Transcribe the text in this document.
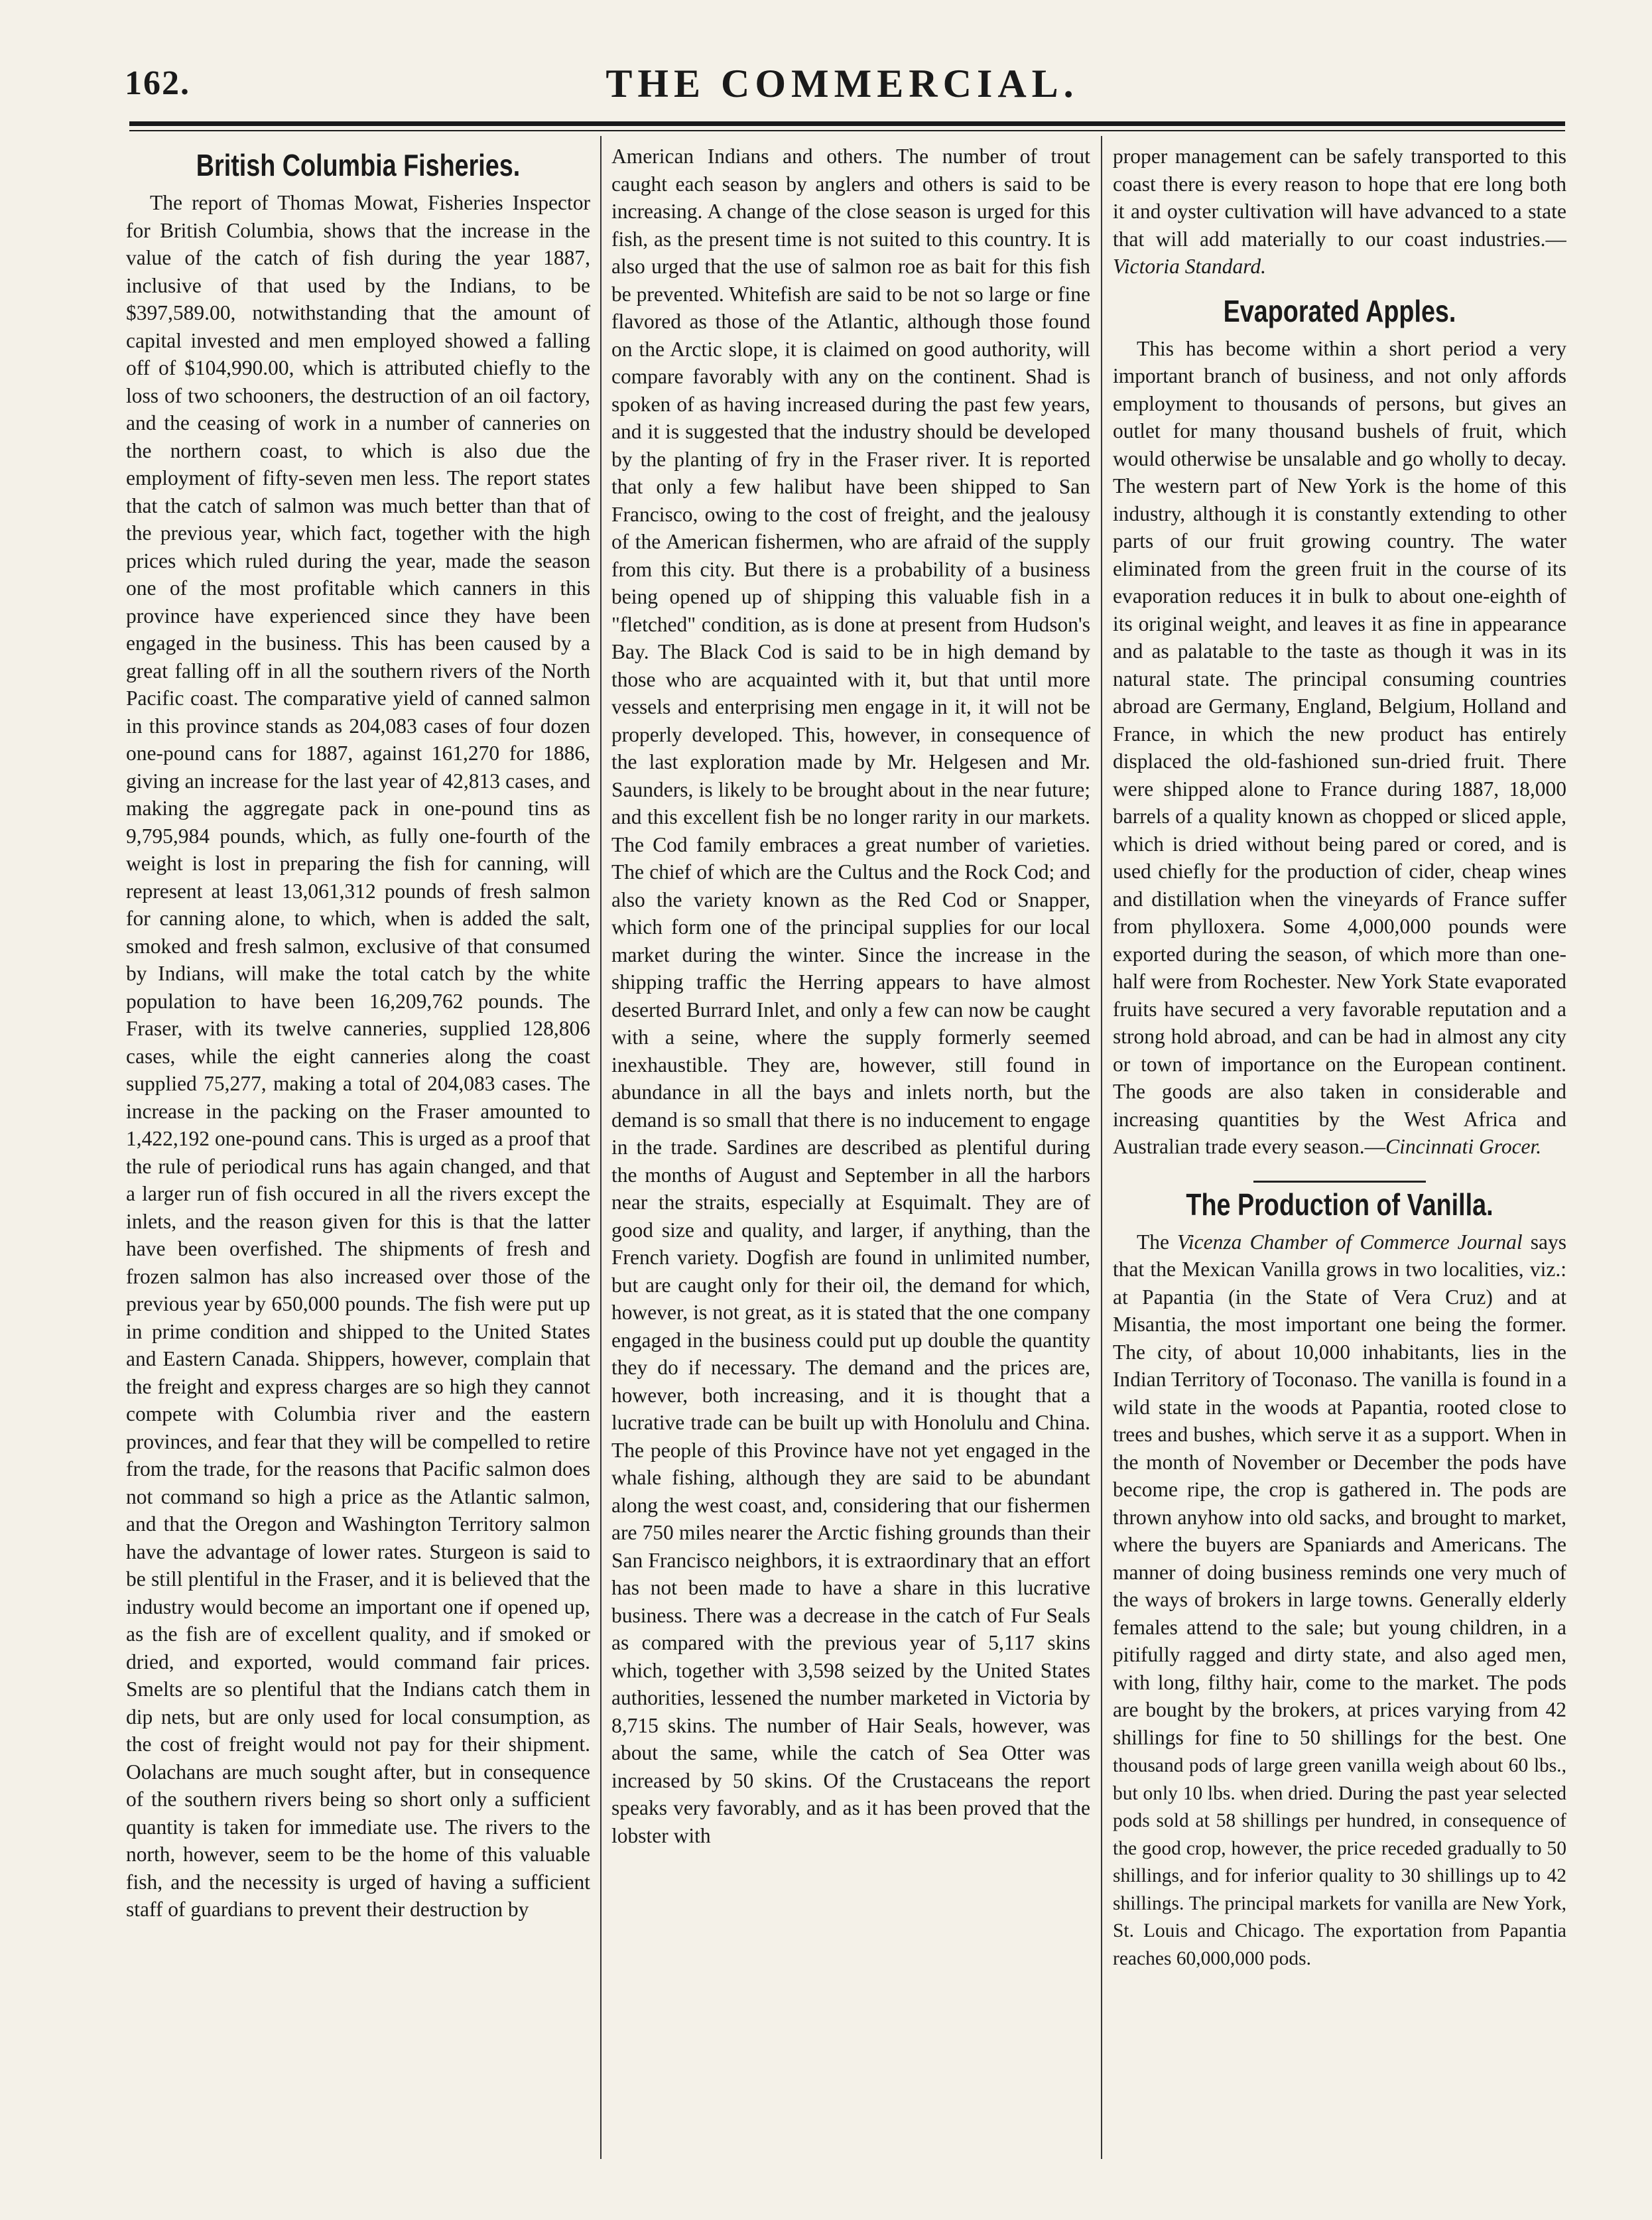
162.	THE COMMERCIAL.
British Columbia Fisheries.

The report of Thomas Mowat, Fisheries Inspector for British Columbia, shows that the increase in the value of the catch of fish during the year 1887, inclusive of that used by the Indians, to be $397,589.00, notwithstanding that the amount of capital invested and men employed showed a falling off of $104,990.00, which is attributed chiefly to the loss of two schooners, the destruction of an oil factory, and the ceasing of work in a number of canneries on the northern coast, to which is also due the employment of fifty-seven men less. The report states that the catch of salmon was much better than that of the previous year, which fact, together with the high prices which ruled during the year, made the season one of the most profitable which canners in this province have experienced since they have been engaged in the business. This has been caused by a great falling off in all the southern rivers of the North Pacific coast. The comparative yield of canned salmon in this province stands as 204,083 cases of four dozen one-pound cans for 1887, against 161,270 for 1886, giving an increase for the last year of 42,813 cases, and making the aggregate pack in one-pound tins as 9,795,984 pounds, which, as fully one-fourth of the weight is lost in preparing the fish for canning, will represent at least 13,061,312 pounds of fresh salmon for canning alone, to which, when is added the salt, smoked and fresh salmon, exclusive of that consumed by Indians, will make the total catch by the white population to have been 16,209,762 pounds. The Fraser, with its twelve canneries, supplied 128,806 cases, while the eight canneries along the coast supplied 75,277, making a total of 204,083 cases. The increase in the packing on the Fraser amounted to 1,422,192 one-pound cans. This is urged as a proof that the rule of periodical runs has again changed, and that a larger run of fish occured in all the rivers except the inlets, and the reason given for this is that the latter have been overfished. The shipments of fresh and frozen salmon has also increased over those of the previous year by 650,000 pounds. The fish were put up in prime condition and shipped to the United States and Eastern Canada. Shippers, however, complain that the freight and express charges are so high they cannot compete with Columbia river and the eastern provinces, and fear that they will be compelled to retire from the trade, for the reasons that Pacific salmon does not command so high a price as the Atlantic salmon, and that the Oregon and Washington Territory salmon have the advantage of lower rates. Sturgeon is said to be still plentiful in the Fraser, and it is believed that the industry would become an important one if opened up, as the fish are of excellent quality, and if smoked or dried, and exported, would command fair prices. Smelts are so plentiful that the Indians catch them in dip nets, but are only used for local consumption, as the cost of freight would not pay for their shipment. Oolachans are much sought after, but in consequence of the southern rivers being so short only a sufficient quantity is taken for immediate use. The rivers to the north, however, seem to be the home of this valuable fish, and the necessity is urged of having a sufficient staff of guardians to prevent their destruction by

American Indians and others. The number of trout caught each season by anglers and others is said to be increasing. A change of the close season is urged for this fish, as the present time is not suited to this country. It is also urged that the use of salmon roe as bait for this fish be prevented. Whitefish are said to be not so large or fine flavored as those of the Atlantic, although those found on the Arctic slope, it is claimed on good authority, will compare favorably with any on the continent. Shad is spoken of as having increased during the past few years, and it is suggested that the industry should be developed by the planting of fry in the Fraser river. It is reported that only a few halibut have been shipped to San Francisco, owing to the cost of freight, and the jealousy of the American fishermen, who are afraid of the supply from this city. But there is a probability of a business being opened up of shipping this valuable fish in a "fletched" condition, as is done at present from Hudson's Bay. The Black Cod is said to be in high demand by those who are acquainted with it, but that until more vessels and enterprising men engage in it, it will not be properly developed. This, however, in consequence of the last exploration made by Mr. Helgesen and Mr. Saunders, is likely to be brought about in the near future; and this excellent fish be no longer rarity in our markets. The Cod family embraces a great number of varieties. The chief of which are the Cultus and the Rock Cod; and also the variety known as the Red Cod or Snapper, which form one of the principal supplies for our local market during the winter. Since the increase in the shipping traffic the Herring appears to have almost deserted Burrard Inlet, and only a few can now be caught with a seine, where the supply formerly seemed inexhaustible. They are, however, still found in abundance in all the bays and inlets north, but the demand is so small that there is no inducement to engage in the trade. Sardines are described as plentiful during the months of August and September in all the harbors near the straits, especially at Esquimalt. They are of good size and quality, and larger, if anything, than the French variety. Dogfish are found in unlimited number, but are caught only for their oil, the demand for which, however, is not great, as it is stated that the one company engaged in the business could put up double the quantity they do if necessary. The demand and the prices are, however, both increasing, and it is thought that a lucrative trade can be built up with Honolulu and China. The people of this Province have not yet engaged in the whale fishing, although they are said to be abundant along the west coast, and, considering that our fishermen are 750 miles nearer the Arctic fishing grounds than their San Francisco neighbors, it is extraordinary that an effort has not been made to have a share in this lucrative business. There was a decrease in the catch of Fur Seals as compared with the previous year of 5,117 skins which, together with 3,598 seized by the United States authorities, lessened the number marketed in Victoria by 8,715 skins. The number of Hair Seals, however, was about the same, while the catch of Sea Otter was increased by 50 skins. Of the Crustaceans the report speaks very favorably, and as it has been proved that the lobster with

proper management can be safely transported to this coast there is every reason to hope that ere long both it and oyster cultivation will have advanced to a state that will add materially to our coast industries.—Victoria Standard.

Evaporated Apples.

This has become within a short period a very important branch of business, and not only affords employment to thousands of persons, but gives an outlet for many thousand bushels of fruit, which would otherwise be unsalable and go wholly to decay. The western part of New York is the home of this industry, although it is constantly extending to other parts of our fruit growing country. The water eliminated from the green fruit in the course of its evaporation reduces it in bulk to about one-eighth of its original weight, and leaves it as fine in appearance and as palatable to the taste as though it was in its natural state. The principal consuming countries abroad are Germany, England, Belgium, Holland and France, in which the new product has entirely displaced the old-fashioned sun-dried fruit. There were shipped alone to France during 1887, 18,000 barrels of a quality known as chopped or sliced apple, which is dried without being pared or cored, and is used chiefly for the production of cider, cheap wines and distillation when the vineyards of France suffer from phylloxera. Some 4,000,000 pounds were exported during the season, of which more than one-half were from Rochester. New York State evaporated fruits have secured a very favorable reputation and a strong hold abroad, and can be had in almost any city or town of importance on the European continent. The goods are also taken in considerable and increasing quantities by the West Africa and Australian trade every season.—Cincinnati Grocer.

The Production of Vanilla.

The Vicenza Chamber of Commerce Journal says that the Mexican Vanilla grows in two localities, viz.: at Papantia (in the State of Vera Cruz) and at Misantia, the most important one being the former. The city, of about 10,000 inhabitants, lies in the Indian Territory of Toconaso. The vanilla is found in a wild state in the woods at Papantia, rooted close to trees and bushes, which serve it as a support. When in the month of November or December the pods have become ripe, the crop is gathered in. The pods are thrown anyhow into old sacks, and brought to market, where the buyers are Spaniards and Americans. The manner of doing business reminds one very much of the ways of brokers in large towns. Generally elderly females attend to the sale; but young children, in a pitifully ragged and dirty state, and also aged men, with long, filthy hair, come to the market. The pods are bought by the brokers, at prices varying from 42 shillings for fine to 50 shillings for the best. One thousand pods of large green vanilla weigh about 60 lbs., but only 10 lbs. when dried. During the past year selected pods sold at 58 shillings per hundred, in consequence of the good crop, however, the price receded gradually to 50 shillings, and for inferior quality to 30 shillings up to 42 shillings. The principal markets for vanilla are New York, St. Louis and Chicago. The exportation from Papantia reaches 60,000,000 pods.
